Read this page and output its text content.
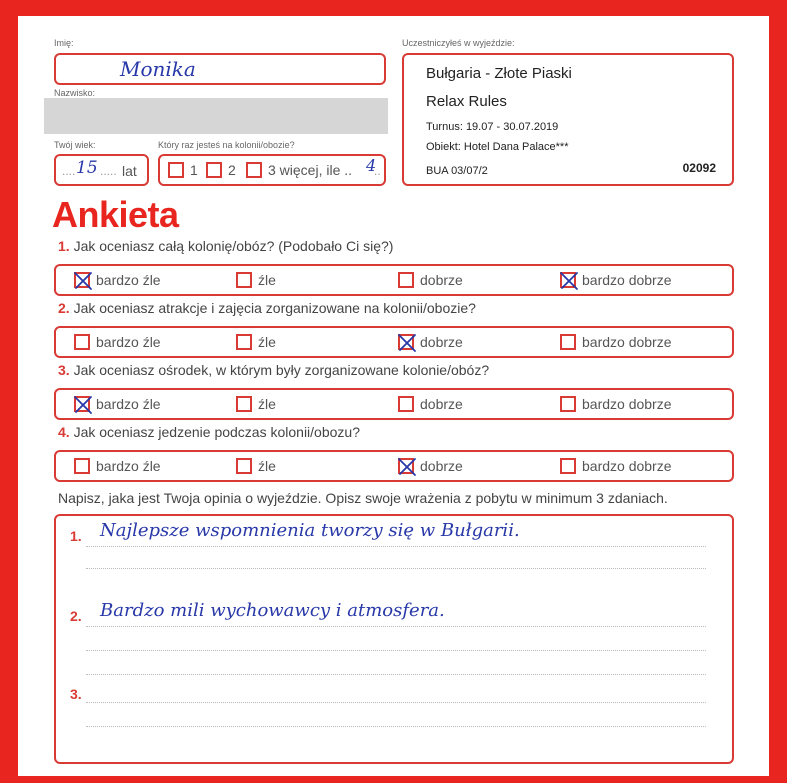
Imię:
Monika
Nazwisko:
Twój wiek:
.... 15 ..... lat
Który raz jesteś na kolonii/obozie?
1 2 3 więcej, ile .. 4
..
Uczestniczyłeś w wyjeździe:
Bułgaria - Złote Piaski
Relax Rules
Turnus: 19.07 - 30.07.2019
Obiekt: Hotel Dana Palace***
BUA 03/07/2	02092
Ankieta
1. Jak oceniasz całą kolonię/obóz? (Podobało Ci się?)
bardzo źle	źle	dobrze	bardzo dobrze
2. Jak oceniasz atrakcje i zajęcia zorganizowane na kolonii/obozie?
bardzo źle	źle	dobrze	bardzo dobrze
3. Jak oceniasz ośrodek, w którym były zorganizowane kolonie/obóz?
bardzo źle	źle	dobrze	bardzo dobrze
4. Jak oceniasz jedzenie podczas kolonii/obozu?
bardzo źle	źle	dobrze	bardzo dobrze
Napisz, jaka jest Twoja opinia o wyjeździe. Opisz swoje wrażenia z pobytu w minimum 3 zdaniach.
1. Najlepsze wspomnienia tworzy się w Bułgarii.
2. Bardzo mili wychowawcy i atmosfera.
3.
